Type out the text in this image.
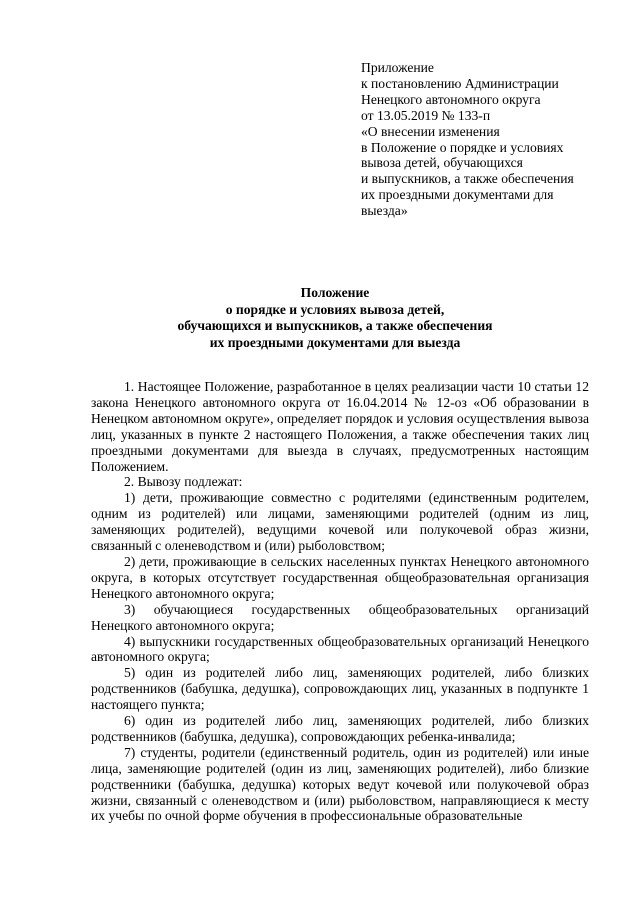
Приложение
к постановлению Администрации
Ненецкого автономного округа
от 13.05.2019 № 133-п
«О внесении изменения
в Положение о порядке и условиях
вывоза детей, обучающихся
и выпускников, а также обеспечения
их проездными документами для
выезда»
Положение
о порядке и условиях вывоза детей,
обучающихся и выпускников, а также обеспечения
их проездными документами для выезда

1. Настоящее Положение, разработанное в целях реализации части 10 статьи 12 закона Ненецкого автономного округа от 16.04.2014 № 12-оз «Об образовании в Ненецком автономном округе», определяет порядок и условия осуществления вывоза лиц, указанных в пункте 2 настоящего Положения, а также обеспечения таких лиц проездными документами для выезда в случаях, предусмотренных настоящим Положением.

2. Вывозу подлежат:

1) дети, проживающие совместно с родителями (единственным родителем, одним из родителей) или лицами, заменяющими родителей (одним из лиц, заменяющих родителей), ведущими кочевой или полукочевой образ жизни, связанный с оленеводством и (или) рыболовством;

2) дети, проживающие в сельских населенных пунктах Ненецкого автономного округа, в которых отсутствует государственная общеобразовательная организация Ненецкого автономного округа;

3) обучающиеся государственных общеобразовательных организаций Ненецкого автономного округа;

4) выпускники государственных общеобразовательных организаций Ненецкого автономного округа;

5) один из родителей либо лиц, заменяющих родителей, либо близких родственников (бабушка, дедушка), сопровождающих лиц, указанных в подпункте 1 настоящего пункта;

6) один из родителей либо лиц, заменяющих родителей, либо близких родственников (бабушка, дедушка), сопровождающих ребенка-инвалида;

7) студенты, родители (единственный родитель, один из родителей) или иные лица, заменяющие родителей (один из лиц, заменяющих родителей), либо близкие родственники (бабушка, дедушка) которых ведут кочевой или полукочевой образ жизни, связанный с оленеводством и (или) рыболовством, направляющиеся к месту их учебы по очной форме обучения в профессиональные образовательные
